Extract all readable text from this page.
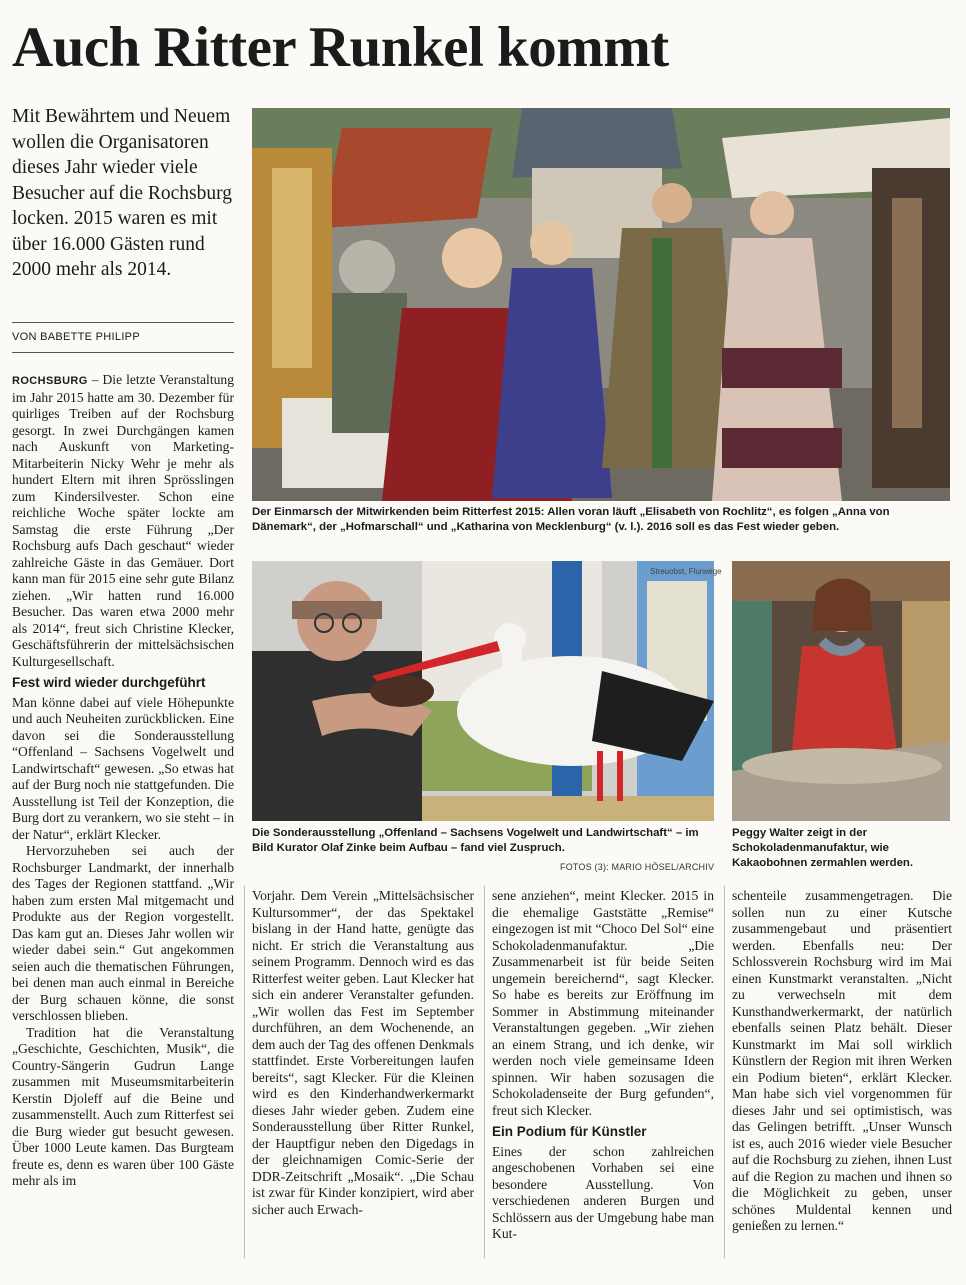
Auch Ritter Runkel kommt

Mit Bewährtem und Neuem wollen die Organisatoren dieses Jahr wieder viele Besucher auf die Rochsburg locken. 2015 waren es mit über 16.000 Gästen rund 2000 mehr als 2014.

VON BABETTE PHILIPP

ROCHSBURG – Die letzte Veranstaltung im Jahr 2015 hatte am 30. Dezember für quirliges Treiben auf der Rochsburg gesorgt. In zwei Durchgängen kamen nach Auskunft von Marketing-Mitarbeiterin Nicky Wehr je mehr als hundert Eltern mit ihren Sprösslingen zum Kindersilvester. Schon eine reichliche Woche später lockte am Samstag die erste Führung „Der Rochsburg aufs Dach geschaut“ wieder zahlreiche Gäste in das Gemäuer. Dort kann man für 2015 eine sehr gute Bilanz ziehen. „Wir hatten rund 16.000 Besucher. Das waren etwa 2000 mehr als 2014“, freut sich Christine Klecker, Geschäftsführerin der mittelsächsischen Kulturgesellschaft.

Fest wird wieder durchgeführt

Man könne dabei auf viele Höhepunkte und auch Neuheiten zurückblicken. Eine davon sei die Sonderausstellung “Offenland – Sachsens Vogelwelt und Landwirtschaft“ gewesen. „So etwas hat auf der Burg noch nie stattgefunden. Die Ausstellung ist Teil der Konzeption, die Burg dort zu verankern, wo sie steht – in der Natur“, erklärt Klecker.

Hervorzuheben sei auch der Rochsburger Landmarkt, der innerhalb des Tages der Regionen stattfand. „Wir haben zum ersten Mal mitgemacht und Produkte aus der Region vorgestellt. Das kam gut an. Dieses Jahr wollen wir wieder dabei sein.“ Gut angekommen seien auch die thematischen Führungen, bei denen man auch einmal in Bereiche der Burg schauen könne, die sonst verschlossen blieben.

Tradition hat die Veranstaltung „Geschichte, Geschichten, Musik“, die Country-Sängerin Gudrun Lange zusammen mit Museumsmitarbeiterin Kerstin Djoleff auf die Beine und zusammenstellt. Auch zum Ritterfest sei die Burg wieder gut besucht gewesen. Über 1000 Leute kamen. Das Burgteam freute es, denn es waren über 100 Gäste mehr als im

Der Einmarsch der Mitwirkenden beim Ritterfest 2015: Allen voran läuft „Elisabeth von Rochlitz“, es folgen „Anna von Dänemark“, der „Hofmarschall“ und „Katharina von Mecklenburg“ (v. l.). 2016 soll es das Fest wieder geben.
Streuobst, Flurwege
Die Sonderausstellung „Offenland – Sachsens Vogelwelt und Landwirtschaft“ – im Bild Kurator Olaf Zinke beim Aufbau – fand viel Zuspruch.
FOTOS (3): MARIO HÖSEL/ARCHIV
Peggy Walter zeigt in der Schokoladenmanufaktur, wie Kakaobohnen zermahlen werden.

Vorjahr. Dem Verein „Mittelsächsischer Kultursommer“, der das Spektakel bislang in der Hand hatte, genügte das nicht. Er strich die Veranstaltung aus seinem Programm. Dennoch wird es das Ritterfest weiter geben. Laut Klecker hat sich ein anderer Veranstalter gefunden. „Wir wollen das Fest im September durchführen, an dem Wochenende, an dem auch der Tag des offenen Denkmals stattfindet. Erste Vorbereitungen laufen bereits“, sagt Klecker. Für die Kleinen wird es den Kinderhandwerkermarkt dieses Jahr wieder geben. Zudem eine Sonderausstellung über Ritter Runkel, der Hauptfigur neben den Digedags in der gleichnamigen Comic-Serie der DDR-Zeitschrift „Mosaik“. „Die Schau ist zwar für Kinder konzipiert, wird aber sicher auch Erwach-

sene anziehen“, meint Klecker. 2015 in die ehemalige Gaststätte „Remise“ eingezogen ist mit “Choco Del Sol“ eine Schokoladenmanufaktur. „Die Zusammenarbeit ist für beide Seiten ungemein bereichernd“, sagt Klecker. So habe es bereits zur Eröffnung im Sommer in Abstimmung miteinander Veranstaltungen gegeben. „Wir ziehen an einem Strang, und ich denke, wir werden noch viele gemeinsame Ideen spinnen. Wir haben sozusagen die Schokoladenseite der Burg gefunden“, freut sich Klecker.

Ein Podium für Künstler

Eines der schon zahlreichen angeschobenen Vorhaben sei eine besondere Ausstellung. Von verschiedenen anderen Burgen und Schlössern aus der Umgebung habe man Kut-

schenteile zusammengetragen. Die sollen nun zu einer Kutsche zusammengebaut und präsentiert werden. Ebenfalls neu: Der Schlossverein Rochsburg wird im Mai einen Kunstmarkt veranstalten. „Nicht zu verwechseln mit dem Kunsthandwerkermarkt, der natürlich ebenfalls seinen Platz behält. Dieser Kunstmarkt im Mai soll wirklich Künstlern der Region mit ihren Werken ein Podium bieten“, erklärt Klecker. Man habe sich viel vorgenommen für dieses Jahr und sei optimistisch, was das Gelingen betrifft. „Unser Wunsch ist es, auch 2016 wieder viele Besucher auf die Rochsburg zu ziehen, ihnen Lust auf die Region zu machen und ihnen so die Möglichkeit zu geben, unser schönes Muldental kennen und genießen zu lernen.“
